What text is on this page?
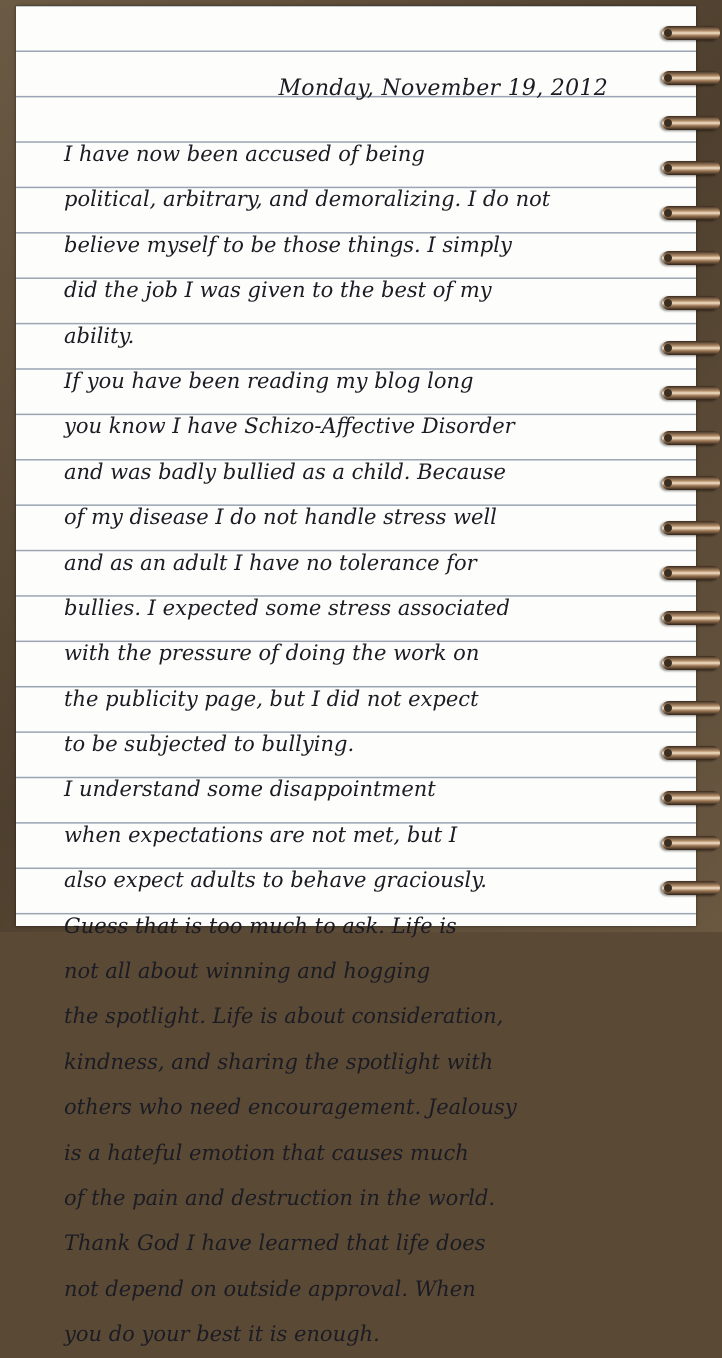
Monday, November 19, 2012
I have now been accused of being
political, arbitrary, and demoralizing. I do not
believe myself to be those things. I simply
did the job I was given to the best of my
ability.
If you have been reading my blog long
you know I have Schizo-Affective Disorder
and was badly bullied as a child. Because
of my disease I do not handle stress well
and as an adult I have no tolerance for
bullies. I expected some stress associated
with the pressure of doing the work on
the publicity page, but I did not expect
to be subjected to bullying.
I understand some disappointment
when expectations are not met, but I
also expect adults to behave graciously.
Guess that is too much to ask. Life is
not all about winning and hogging
the spotlight. Life is about consideration,
kindness, and sharing the spotlight with
others who need encouragement. Jealousy
is a hateful emotion that causes much
of the pain and destruction in the world.
Thank God I have learned that life does
not depend on outside approval. When
you do your best it is enough.
